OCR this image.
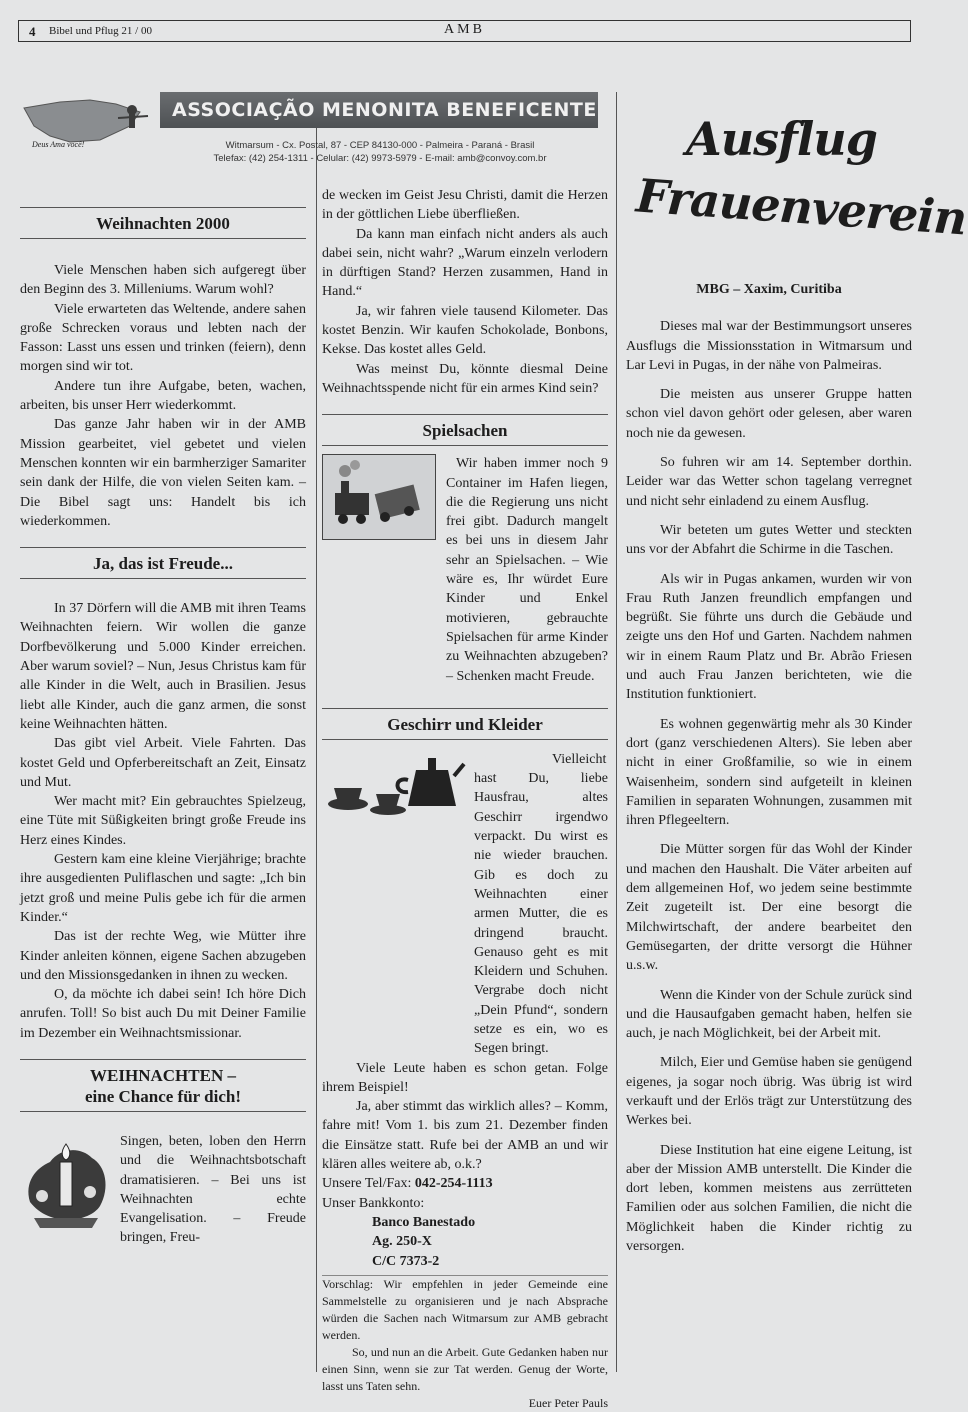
4 Bibel und Pflug 21 / 00	AMB
ASSOCIAÇÃO MENONITA BENEFICENTE
Deus Ama você!	Witmarsum - Cx. Postal, 87 - CEP 84130-000 - Palmeira - Paraná - Brasil
Telefax: (42) 254-1311 - Celular: (42) 9973-5979 - E-mail: amb@convoy.com.br
Weihnachten 2000

Viele Menschen haben sich aufgeregt über den Beginn des 3. Milleniums. Warum wohl?

Viele erwarteten das Weltende, andere sahen große Schrecken voraus und lebten nach der Fasson: Lasst uns essen und trinken (feiern), denn morgen sind wir tot.

Andere tun ihre Aufgabe, beten, wachen, arbeiten, bis unser Herr wiederkommt.

Das ganze Jahr haben wir in der AMB Mission gearbeitet, viel gebetet und vielen Menschen konnten wir ein barmherziger Samariter sein dank der Hilfe, die von vielen Seiten kam. – Die Bibel sagt uns: Handelt bis ich wiederkommen.

Ja, das ist Freude...

In 37 Dörfern will die AMB mit ihren Teams Weihnachten feiern. Wir wollen die ganze Dorfbevölkerung und 5.000 Kinder erreichen. Aber warum soviel? – Nun, Jesus Christus kam für alle Kinder in die Welt, auch in Brasilien. Jesus liebt alle Kinder, auch die ganz armen, die sonst keine Weihnachten hätten.

Das gibt viel Arbeit. Viele Fahrten. Das kostet Geld und Opferbereitschaft an Zeit, Einsatz und Mut.

Wer macht mit? Ein gebrauchtes Spielzeug, eine Tüte mit Süßigkeiten bringt große Freude ins Herz eines Kindes.

Gestern kam eine kleine Vierjährige; brachte ihre ausgedienten Puliflaschen und sagte: „Ich bin jetzt groß und meine Pulis gebe ich für die armen Kinder.“

Das ist der rechte Weg, wie Mütter ihre Kinder anleiten können, eigene Sachen abzugeben und den Missionsgedanken in ihnen zu wecken.

O, da möchte ich dabei sein! Ich höre Dich anrufen. Toll! So bist auch Du mit Deiner Familie im Dezember ein Weihnachtsmissionar.

WEIHNACHTEN –
eine Chance für dich!

Singen, beten, loben den Herrn und die Weihnachtsbotschaft dramatisieren. – Bei uns ist Weihnachten echte Evangelisation. – Freude bringen, Freu-

de wecken im Geist Jesu Christi, damit die Herzen in der göttlichen Liebe überfließen.

Da kann man einfach nicht anders als auch dabei sein, nicht wahr? „Warum einzeln verlodern in dürftigen Stand? Herzen zusammen, Hand in Hand.“

Ja, wir fahren viele tausend Kilometer. Das kostet Benzin. Wir kaufen Schokolade, Bonbons, Kekse. Das kostet alles Geld.

Was meinst Du, könnte diesmal Deine Weihnachtsspende nicht für ein armes Kind sein?

Spielsachen

Wir haben immer noch 9 Container im Hafen liegen, die die Regierung uns nicht frei gibt. Dadurch mangelt es bei uns in diesem Jahr sehr an Spielsachen. – Wie wäre es, Ihr würdet Eure Kinder und Enkel motivieren, gebrauchte Spielsachen für arme Kinder zu Weihnachten abzugeben? – Schenken macht Freude.

Geschirr und Kleider

Vielleicht hast Du, liebe Hausfrau, altes Geschirr irgendwo verpackt. Du wirst es nie wieder brauchen. Gib es doch zu Weihnachten einer armen Mutter, die es dringend braucht. Genauso geht es mit Kleidern und Schuhen. Vergrabe doch nicht „Dein Pfund“, sondern setze es ein, wo es Segen bringt.

Viele Leute haben es schon getan. Folge ihrem Beispiel!

Ja, aber stimmt das wirklich alles? – Komm, fahre mit! Vom 1. bis zum 21. Dezember finden die Einsätze statt. Rufe bei der AMB an und wir klären alles weitere ab, o.k.?

Unsere Tel/Fax: 042-254-1113
Unser Bankkonto:
Banco Banestado
Ag. 250-X
C/C 7373-2

Vorschlag: Wir empfehlen in jeder Gemeinde eine Sammelstelle zu organisieren und je nach Absprache würden die Sachen nach Witmarsum zur AMB gebracht werden.

So, und nun an die Arbeit. Gute Gedanken haben nur einen Sinn, wenn sie zur Tat werden. Genug der Worte, lasst uns Taten sehn.

Euer Peter Pauls
Ausflug
Frauenverein
MBG – Xaxim, Curitiba

Dieses mal war der Bestimmungsort unseres Ausflugs die Missionsstation in Witmarsum und Lar Levi in Pugas, in der nähe von Palmeiras.

Die meisten aus unserer Gruppe hatten schon viel davon gehört oder gelesen, aber waren noch nie da gewesen.

So fuhren wir am 14. September dorthin. Leider war das Wetter schon tagelang verregnet und nicht sehr einladend zu einem Ausflug.

Wir beteten um gutes Wetter und steckten uns vor der Abfahrt die Schirme in die Taschen.

Als wir in Pugas ankamen, wurden wir von Frau Ruth Janzen freundlich empfangen und begrüßt. Sie führte uns durch die Gebäude und zeigte uns den Hof und Garten. Nachdem nahmen wir in einem Raum Platz und Br. Abrão Friesen und auch Frau Janzen berichteten, wie die Institution funktioniert.

Es wohnen gegenwärtig mehr als 30 Kinder dort (ganz verschiedenen Alters). Sie leben aber nicht in einer Großfamilie, so wie in einem Waisenheim, sondern sind aufgeteilt in kleinen Familien in separaten Wohnungen, zusammen mit ihren Pflegeeltern.

Die Mütter sorgen für das Wohl der Kinder und machen den Haushalt. Die Väter arbeiten auf dem allgemeinen Hof, wo jedem seine bestimmte Zeit zugeteilt ist. Der eine besorgt die Milchwirtschaft, der andere bearbeitet den Gemüsegarten, der dritte versorgt die Hühner u.s.w.

Wenn die Kinder von der Schule zurück sind und die Hausaufgaben gemacht haben, helfen sie auch, je nach Möglichkeit, bei der Arbeit mit.

Milch, Eier und Gemüse haben sie genügend eigenes, ja sogar noch übrig. Was übrig ist wird verkauft und der Erlös trägt zur Unterstützung des Werkes bei.

Diese Institution hat eine eigene Leitung, ist aber der Mission AMB unterstellt. Die Kinder die dort leben, kommen meistens aus zerrütteten Familien oder aus solchen Familien, die nicht die Möglichkeit haben die Kinder richtig zu versorgen.
